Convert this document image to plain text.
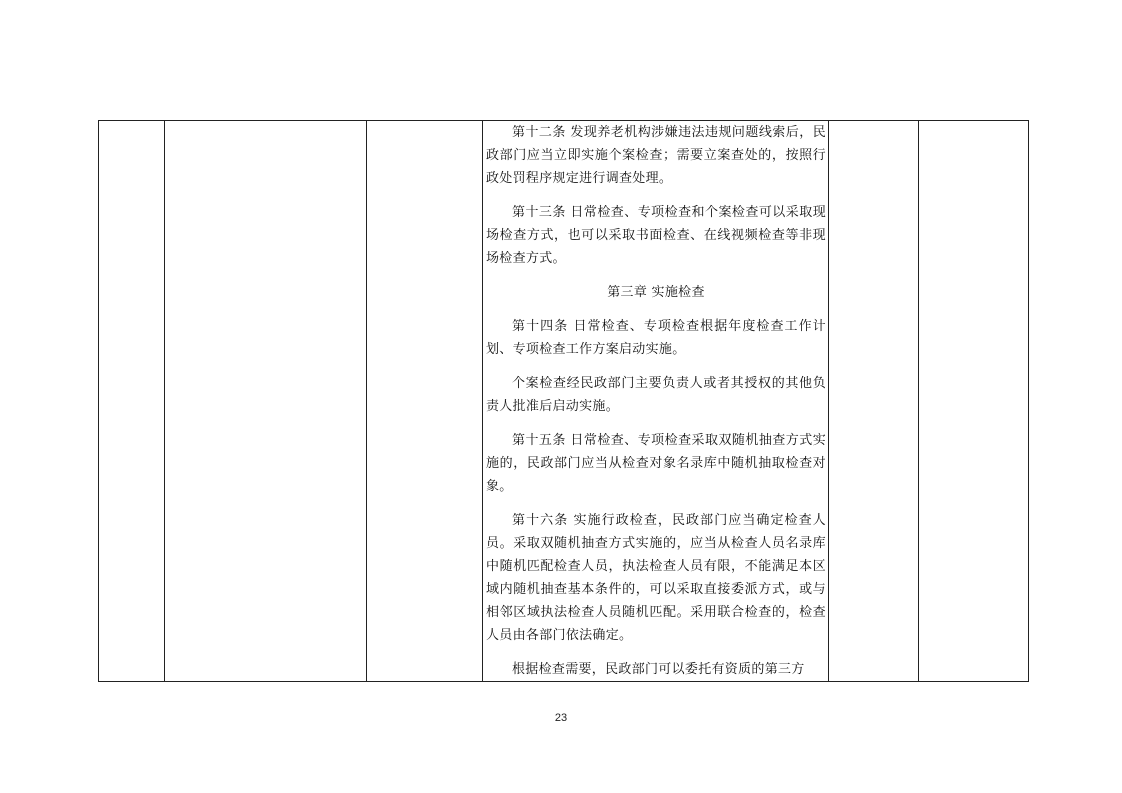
第十二条 发现养老机构涉嫌违法违规问题线索后，民政部门应当立即实施个案检查；需要立案查处的，按照行政处罚程序规定进行调查处理。

第十三条 日常检查、专项检查和个案检查可以采取现场检查方式，也可以采取书面检查、在线视频检查等非现场检查方式。

第三章 实施检查

第十四条 日常检查、专项检查根据年度检查工作计划、专项检查工作方案启动实施。

个案检查经民政部门主要负责人或者其授权的其他负责人批准后启动实施。

第十五条 日常检查、专项检查采取双随机抽查方式实施的，民政部门应当从检查对象名录库中随机抽取检查对象。

第十六条 实施行政检查，民政部门应当确定检查人员。采取双随机抽查方式实施的，应当从检查人员名录库中随机匹配检查人员，执法检查人员有限，不能满足本区域内随机抽查基本条件的，可以采取直接委派方式，或与相邻区域执法检查人员随机匹配。采用联合检查的，检查人员由各部门依法确定。

根据检查需要，民政部门可以委托有资质的第三方

23
